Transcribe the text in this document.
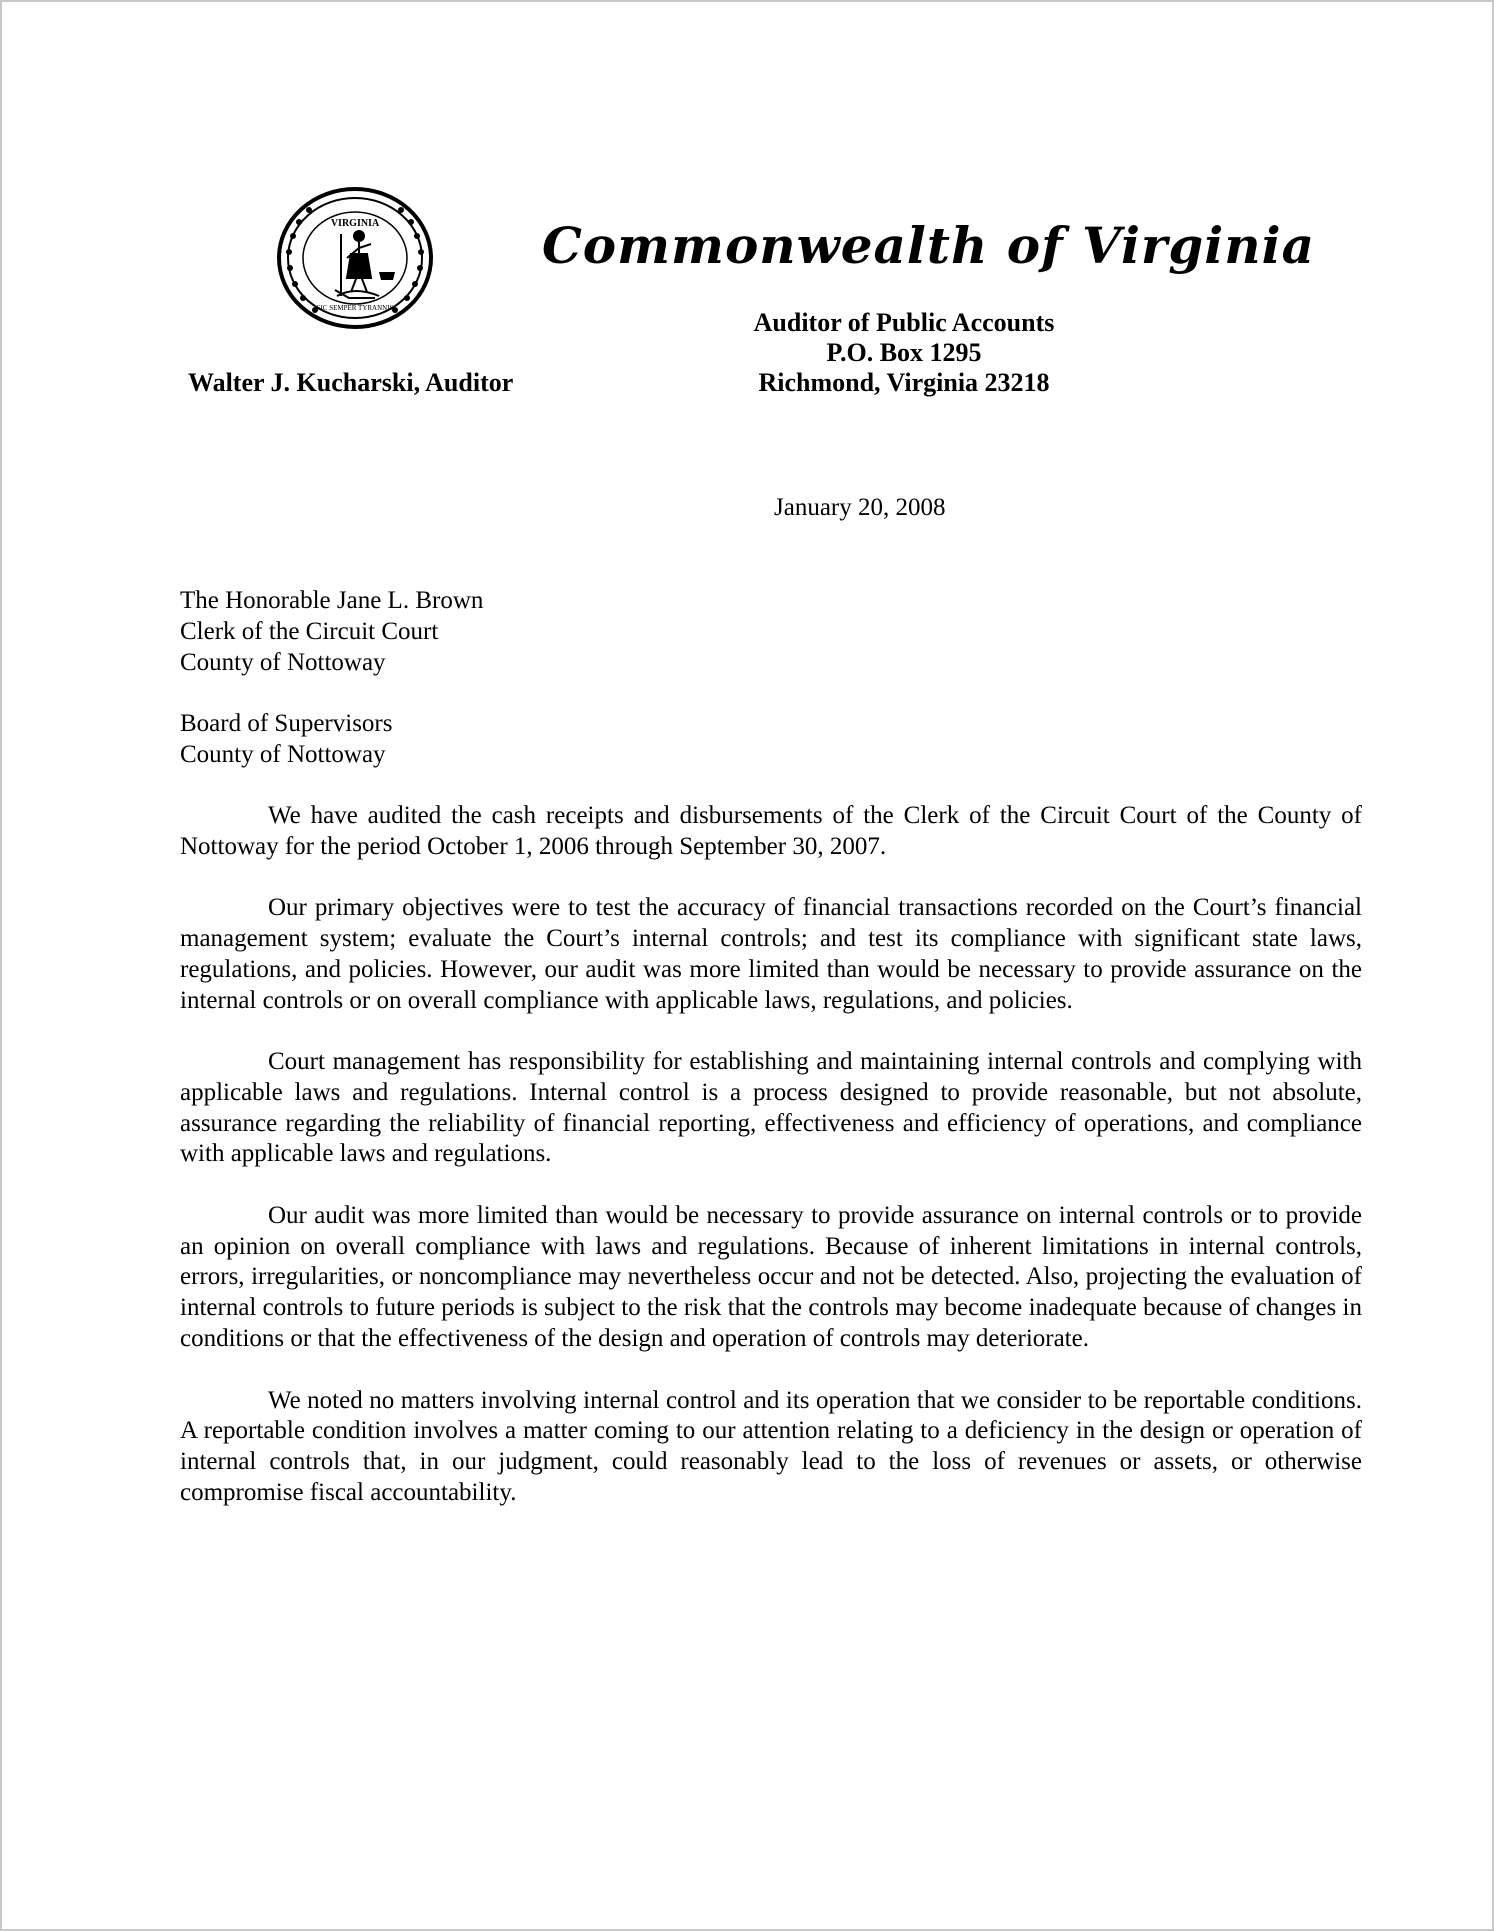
VIRGINIA
SIC SEMPER TYRANNIS
Commonwealth of Virginia
Walter J. Kucharski, Auditor
Auditor of Public Accounts
P.O. Box 1295
Richmond, Virginia 23218
January 20, 2008
The Honorable Jane L. Brown
Clerk of the Circuit Court
County of Nottoway
Board of Supervisors
County of Nottoway

We have audited the cash receipts and disbursements of the Clerk of the Circuit Court of the County of Nottoway for the period October 1, 2006 through September 30, 2007.

Our primary objectives were to test the accuracy of financial transactions recorded on the Court’s financial management system; evaluate the Court’s internal controls; and test its compliance with significant state laws, regulations, and policies. However, our audit was more limited than would be necessary to provide assurance on the internal controls or on overall compliance with applicable laws, regulations, and policies.

Court management has responsibility for establishing and maintaining internal controls and complying with applicable laws and regulations. Internal control is a process designed to provide reasonable, but not absolute, assurance regarding the reliability of financial reporting, effectiveness and efficiency of operations, and compliance with applicable laws and regulations.

Our audit was more limited than would be necessary to provide assurance on internal controls or to provide an opinion on overall compliance with laws and regulations. Because of inherent limitations in internal controls, errors, irregularities, or noncompliance may nevertheless occur and not be detected. Also, projecting the evaluation of internal controls to future periods is subject to the risk that the controls may become inadequate because of changes in conditions or that the effectiveness of the design and operation of controls may deteriorate.

We noted no matters involving internal control and its operation that we consider to be reportable conditions. A reportable condition involves a matter coming to our attention relating to a deficiency in the design or operation of internal controls that, in our judgment, could reasonably lead to the loss of revenues or assets, or otherwise compromise fiscal accountability.
